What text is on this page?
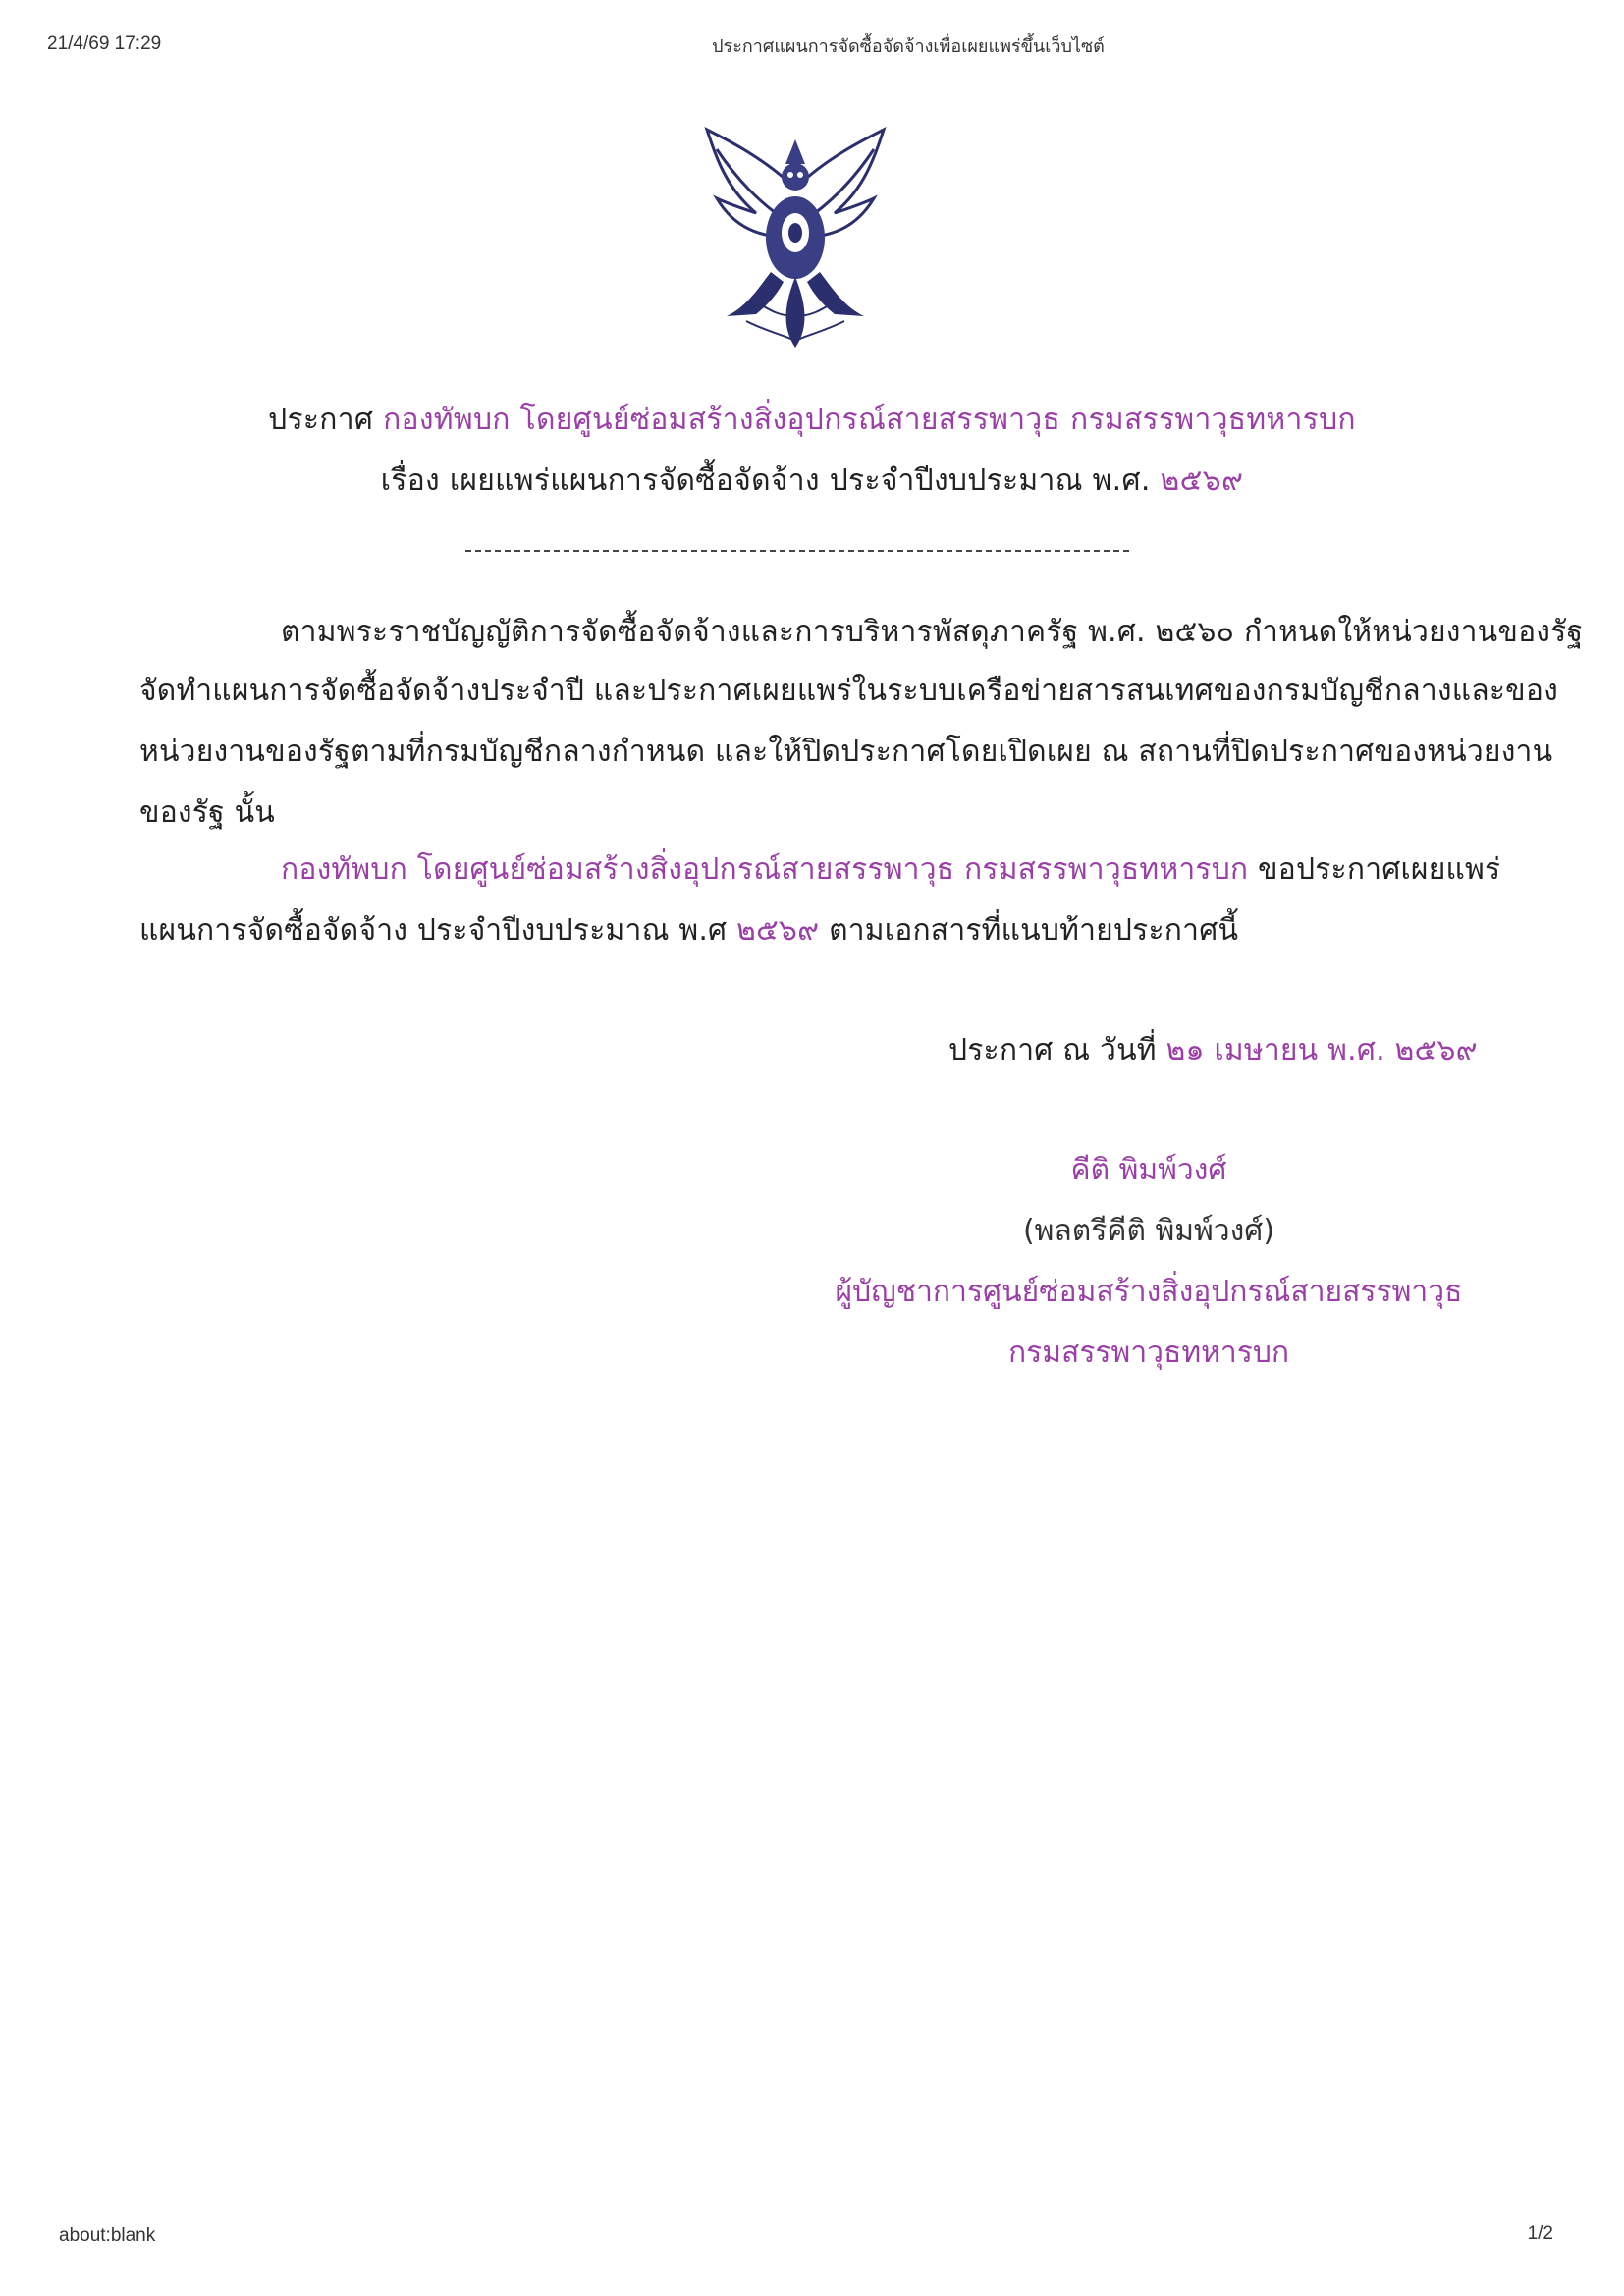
21/4/69 17:29	ประกาศแผนการจัดซื้อจัดจ้างเพื่อเผยแพร่ขึ้นเว็บไซต์
ประกาศ กองทัพบก โดยศูนย์ซ่อมสร้างสิ่งอุปกรณ์สายสรรพาวุธ กรมสรรพาวุธทหารบก
เรื่อง เผยแพร่แผนการจัดซื้อจัดจ้าง ประจำปีงบประมาณ พ.ศ. ๒๕๖๙
ตามพระราชบัญญัติการจัดซื้อจัดจ้างและการบริหารพัสดุภาครัฐ พ.ศ. ๒๕๖๐ กำหนดให้หน่วยงานของรัฐ
จัดทำแผนการจัดซื้อจัดจ้างประจำปี และประกาศเผยแพร่ในระบบเครือข่ายสารสนเทศของกรมบัญชีกลางและของ
หน่วยงานของรัฐตามที่กรมบัญชีกลางกำหนด และให้ปิดประกาศโดยเปิดเผย ณ สถานที่ปิดประกาศของหน่วยงาน
ของรัฐ นั้น
กองทัพบก โดยศูนย์ซ่อมสร้างสิ่งอุปกรณ์สายสรรพาวุธ กรมสรรพาวุธทหารบก ขอประกาศเผยแพร่
แผนการจัดซื้อจัดจ้าง ประจำปีงบประมาณ พ.ศ ๒๕๖๙ ตามเอกสารที่แนบท้ายประกาศนี้
ประกาศ ณ วันที่ ๒๑ เมษายน พ.ศ. ๒๕๖๙
คีติ พิมพ์วงศ์
(พลตรีคีติ พิมพ์วงศ์)
ผู้บัญชาการศูนย์ซ่อมสร้างสิ่งอุปกรณ์สายสรรพาวุธ
กรมสรรพาวุธทหารบก
about:blank	1/2
